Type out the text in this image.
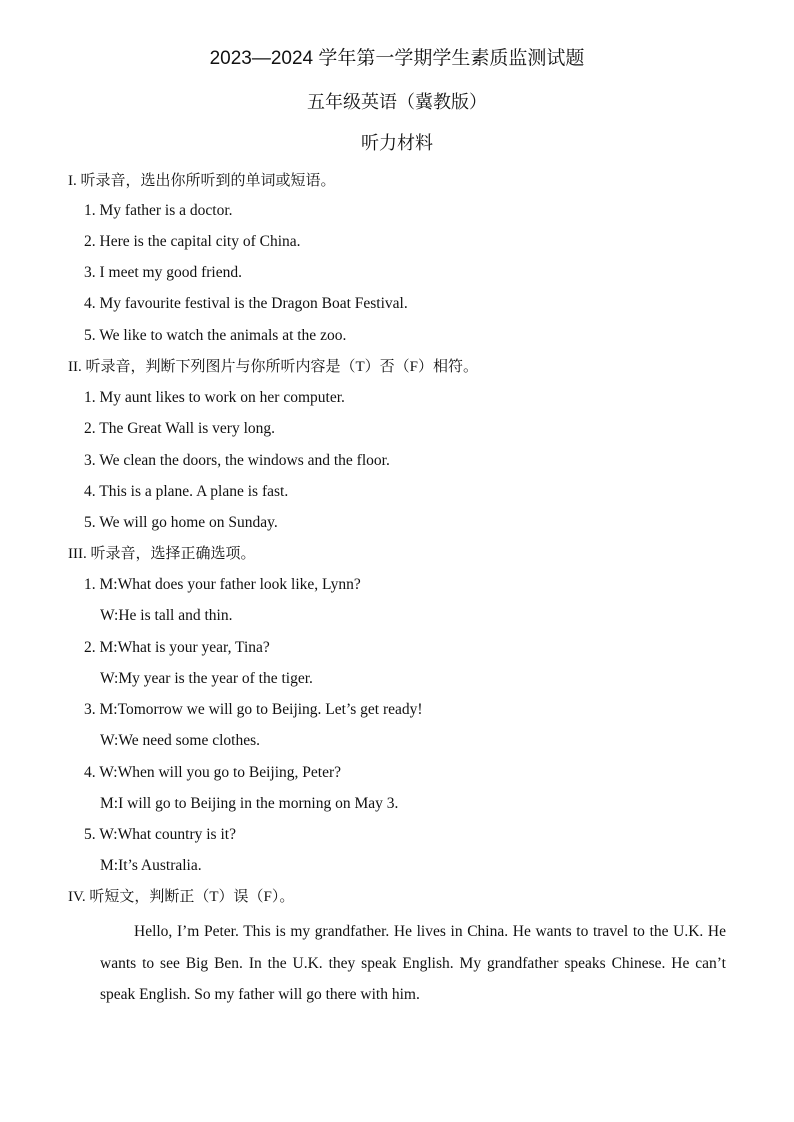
2023—2024 学年第一学期学生素质监测试题
五年级英语（冀教版）
听力材料
I. 听录音，选出你所听到的单词或短语。
1. My father is a doctor.
2. Here is the capital city of China.
3. I meet my good friend.
4. My favourite festival is the Dragon Boat Festival.
5. We like to watch the animals at the zoo.
II. 听录音，判断下列图片与你所听内容是（T）否（F）相符。
1. My aunt likes to work on her computer.
2. The Great Wall is very long.
3. We clean the doors, the windows and the floor.
4. This is a plane. A plane is fast.
5. We will go home on Sunday.
III. 听录音，选择正确选项。
1. M:What does your father look like, Lynn?
W:He is tall and thin.
2. M:What is your year, Tina?
W:My year is the year of the tiger.
3. M:Tomorrow we will go to Beijing. Let’s get ready!
W:We need some clothes.
4. W:When will you go to Beijing, Peter?
M:I will go to Beijing in the morning on May 3.
5. W:What country is it?
M:It’s Australia.
IV. 听短文，判断正（T）误（F）。
Hello, I’m Peter. This is my grandfather. He lives in China. He wants to travel to the U.K. He wants to see Big Ben. In the U.K. they speak English. My grandfather speaks Chinese. He can’t speak English. So my father will go there with him.
